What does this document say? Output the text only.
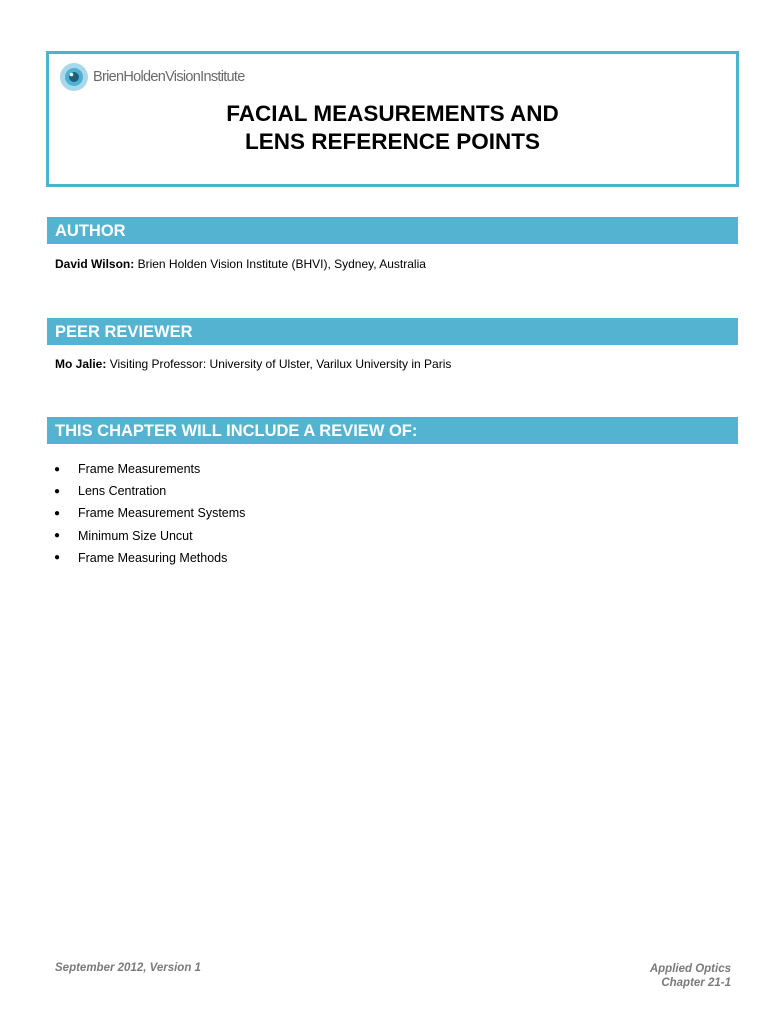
BrienHoldenVisionInstitute
FACIAL MEASUREMENTS AND
LENS REFERENCE POINTS
AUTHOR
David Wilson: Brien Holden Vision Institute (BHVI), Sydney, Australia
PEER REVIEWER
Mo Jalie: Visiting Professor: University of Ulster, Varilux University in Paris
THIS CHAPTER WILL INCLUDE A REVIEW OF:
●	Frame Measurements
●	Lens Centration
●	Frame Measurement Systems
●	Minimum Size Uncut
●	Frame Measuring Methods
September 2012, Version 1	Applied Optics
Chapter 21-1
